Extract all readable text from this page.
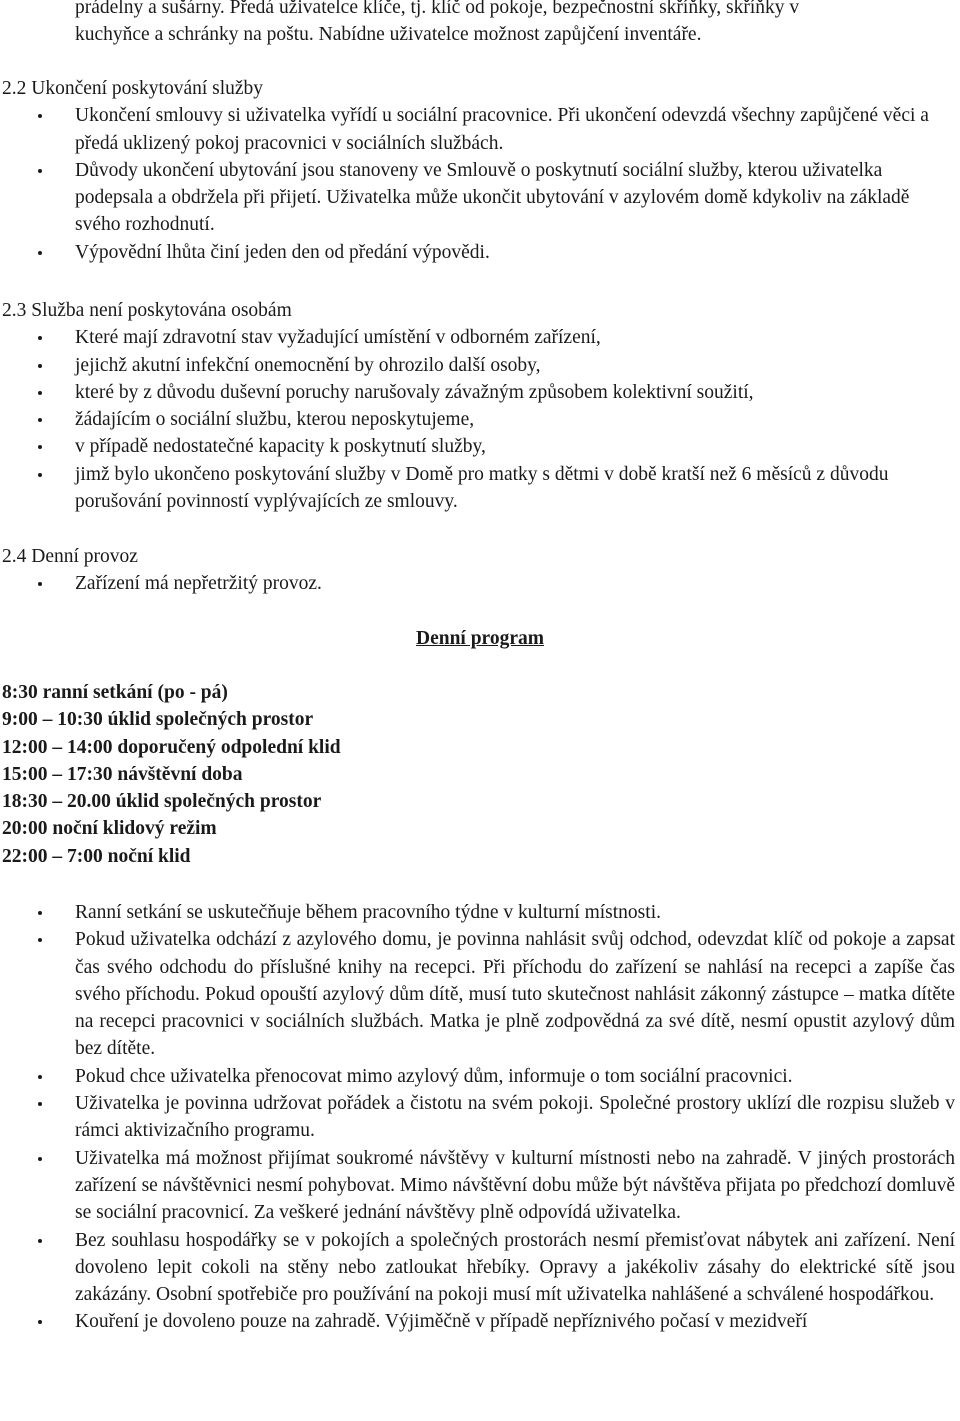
prádelny a sušárny. Předá uživatelce klíče, tj. klíč od pokoje, bezpečnostní skříňky, skříňky v
kuchyňce a schránky na poštu. Nabídne uživatelce možnost zapůjčení inventáře.
2.2 Ukončení poskytování služby
Ukončení smlouvy si uživatelka vyřídí u sociální pracovnice. Při ukončení odevzdá všechny zapůjčené věci a předá uklizený pokoj pracovnici v sociálních službách.
Důvody ukončení ubytování jsou stanoveny ve Smlouvě o poskytnutí sociální služby, kterou uživatelka podepsala a obdržela při přijetí. Uživatelka může ukončit ubytování v azylovém domě kdykoliv na základě svého rozhodnutí.
Výpovědní lhůta činí jeden den od předání výpovědi.
2.3 Služba není poskytována osobám
Které mají zdravotní stav vyžadující umístění v odborném zařízení,
jejichž akutní infekční onemocnění by ohrozilo další osoby,
které by z důvodu duševní poruchy narušovaly závažným způsobem kolektivní soužití,
žádajícím o sociální službu, kterou neposkytujeme,
v případě nedostatečné kapacity k poskytnutí služby,
jimž bylo ukončeno poskytování služby v Domě pro matky s dětmi v době kratší než 6 měsíců z důvodu porušování povinností vyplývajících ze smlouvy.
2.4 Denní provoz
Zařízení má nepřetržitý provoz.
Denní program
8:30 ranní setkání (po - pá)
9:00 – 10:30 úklid společných prostor
12:00 – 14:00 doporučený odpolední klid
15:00 – 17:30 návštěvní doba
18:30 – 20.00 úklid společných prostor
20:00 noční klidový režim
22:00 – 7:00 noční klid
Ranní setkání se uskutečňuje během pracovního týdne v kulturní místnosti.
Pokud uživatelka odchází z azylového domu, je povinna nahlásit svůj odchod, odevzdat klíč od pokoje a zapsat čas svého odchodu do příslušné knihy na recepci. Při příchodu do zařízení se nahlásí na recepci a zapíše čas svého příchodu. Pokud opouští azylový dům dítě, musí tuto skutečnost nahlásit zákonný zástupce – matka dítěte na recepci pracovnici v sociálních službách. Matka je plně zodpovědná za své dítě, nesmí opustit azylový dům bez dítěte.
Pokud chce uživatelka přenocovat mimo azylový dům, informuje o tom sociální pracovnici.
Uživatelka je povinna udržovat pořádek a čistotu na svém pokoji. Společné prostory uklízí dle rozpisu služeb v rámci aktivizačního programu.
Uživatelka má možnost přijímat soukromé návštěvy v kulturní místnosti nebo na zahradě. V jiných prostorách zařízení se návštěvnici nesmí pohybovat. Mimo návštěvní dobu může být návštěva přijata po předchozí domluvě se sociální pracovnicí. Za veškeré jednání návštěvy plně odpovídá uživatelka.
Bez souhlasu hospodářky se v pokojích a společných prostorách nesmí přemisťovat nábytek ani zařízení. Není dovoleno lepit cokoli na stěny nebo zatloukat hřebíky. Opravy a jakékoliv zásahy do elektrické sítě jsou zakázány. Osobní spotřebiče pro používání na pokoji musí mít uživatelka nahlášené a schválené hospodářkou.
Kouření je dovoleno pouze na zahradě. Výjiměčně v případě nepříznivého počasí v mezidveří
